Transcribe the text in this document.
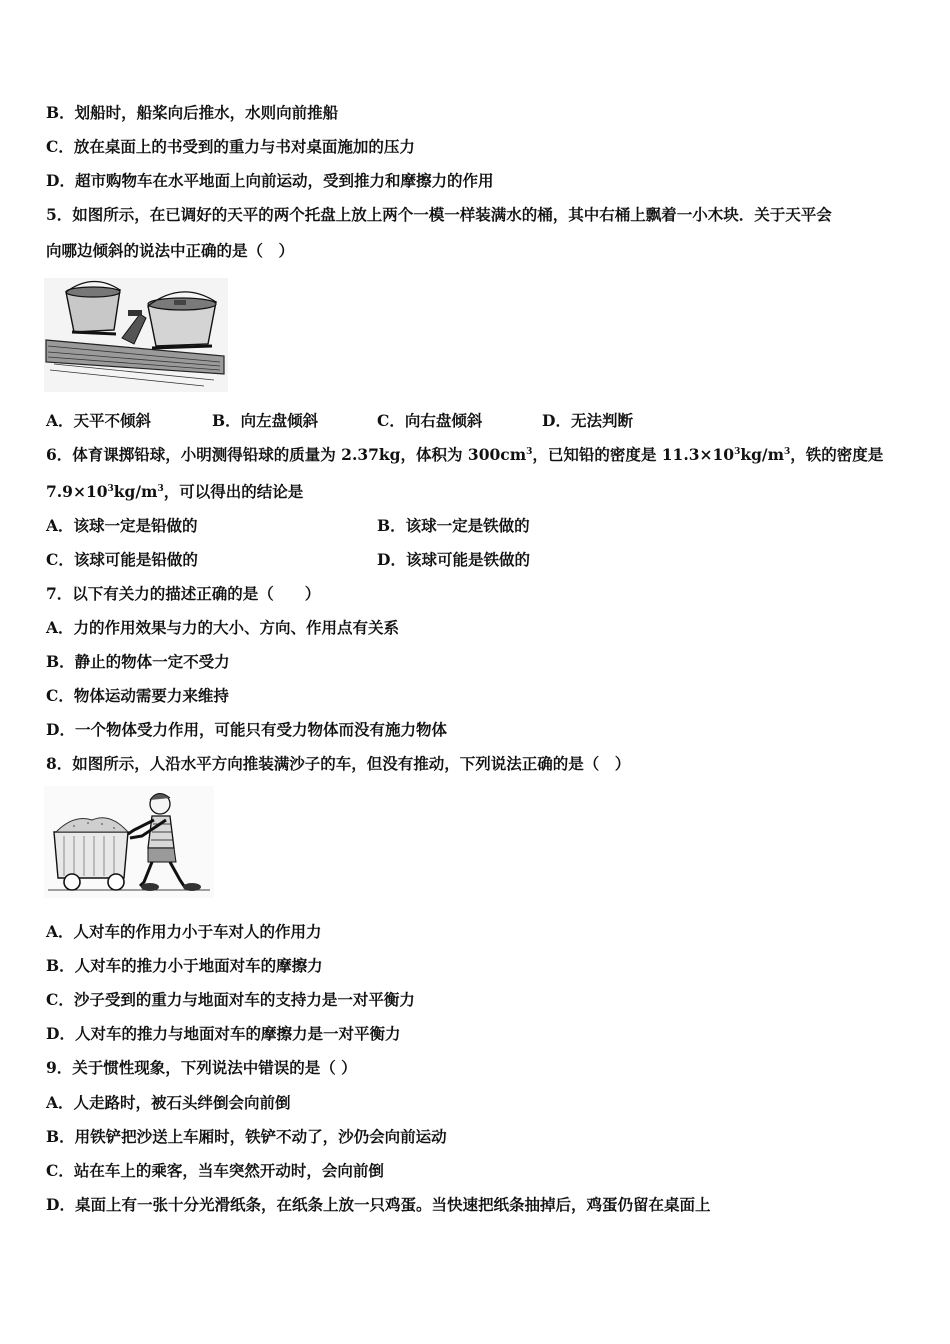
B．划船时，船桨向后推水，水则向前推船
C．放在桌面上的书受到的重力与书对桌面施加的压力
D．超市购物车在水平地面上向前运动，受到推力和摩擦力的作用
5．如图所示，在已调好的天平的两个托盘上放上两个一模一样装满水的桶，其中右桶上飘着一小木块．关于天平会
向哪边倾斜的说法中正确的是（　）
A．天平不倾斜	B．向左盘倾斜	C．向右盘倾斜	D．无法判断
6．体育课掷铅球，小明测得铅球的质量为 2.37kg，体积为 $300cm^3$，已知铅的密度是 $11.3\times 10^3kg/m^3$，铁的密度是
$7.9\times 10^3kg/m^3$，可以得出的结论是
A．该球一定是铅做的	B．该球一定是铁做的
C．该球可能是铅做的	D．该球可能是铁做的
7．以下有关力的描述正确的是（　　）
A．力的作用效果与力的大小、方向、作用点有关系
B．静止的物体一定不受力
C．物体运动需要力来维持
D．一个物体受力作用，可能只有受力物体而没有施力物体
8．如图所示，人沿水平方向推装满沙子的车，但没有推动，下列说法正确的是（　）
A．人对车的作用力小于车对人的作用力
B．人对车的推力小于地面对车的摩擦力
C．沙子受到的重力与地面对车的支持力是一对平衡力
D．人对车的推力与地面对车的摩擦力是一对平衡力
9．关于惯性现象，下列说法中错误的是（ ）
A．人走路时，被石头绊倒会向前倒
B．用铁铲把沙送上车厢时，铁铲不动了，沙仍会向前运动
C．站在车上的乘客，当车突然开动时，会向前倒
D．桌面上有一张十分光滑纸条，在纸条上放一只鸡蛋。当快速把纸条抽掉后，鸡蛋仍留在桌面上
